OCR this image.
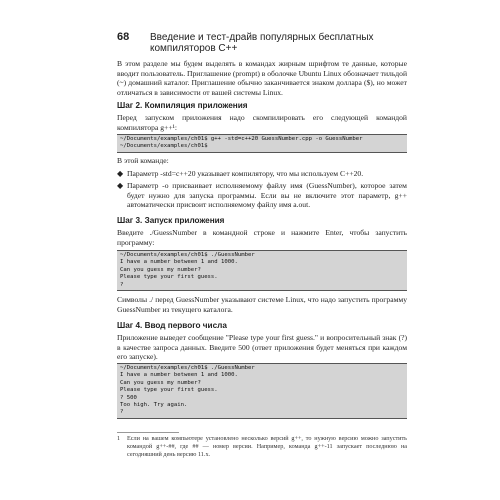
68 Введение и тест-драйв популярных бесплатных компиляторов C++

В этом разделе мы будем выделять в командах жирным шрифтом те данные, которые вводит пользователь. Приглашение (prompt) в оболочке Ubuntu Linux обозначает тильдой (~) домашний каталог. Приглашение обычно заканчивается знаком доллара ($), но может отличаться в зависимости от вашей системы Linux.

Шаг 2. Компиляция приложения

Перед запуском приложения надо скомпилировать его следующей командой компилятора g++¹:

~/Documents/examples/ch01$ g++ -std=c++20 GuessNumber.cpp -o GuessNumber
~/Documents/examples/ch01$

В этой команде:

◆ Параметр -std=c++20 указывает компилятору, что мы используем C++20.
◆ Параметр -o присваивает исполняемому файлу имя (GuessNumber), которое затем будет нужно для запуска программы. Если вы не включите этот параметр, g++ автоматически присвоит исполняемому файлу имя a.out.
Шаг 3. Запуск приложения

Введите ./GuessNumber в командной строке и нажмите Enter, чтобы запустить программу:

~/Documents/examples/ch01$ ./GuessNumber
I have a number between 1 and 1000.
Can you guess my number?
Please type your first guess.
?

Символы ./ перед GuessNumber указывают системе Linux, что надо запустить программу GuessNumber из текущего каталога.

Шаг 4. Ввод первого числа

Приложение выведет сообщение "Please type your first guess." и вопросительный знак (?) в качестве запроса данных. Введите 500 (ответ приложения будет меняться при каждом его запуске).

~/Documents/examples/ch01$ ./GuessNumber
I have a number between 1 and 1000.
Can you guess my number?
Please type your first guess.
? 500
Too high. Try again.
?
1 Если на вашем компьютере установлено несколько версий g++, то нужную версию можно запустить командой g++-##, где ## — номер версии. Например, команда g++-11 запускает последнюю на сегодняшний день версию 11.x.
